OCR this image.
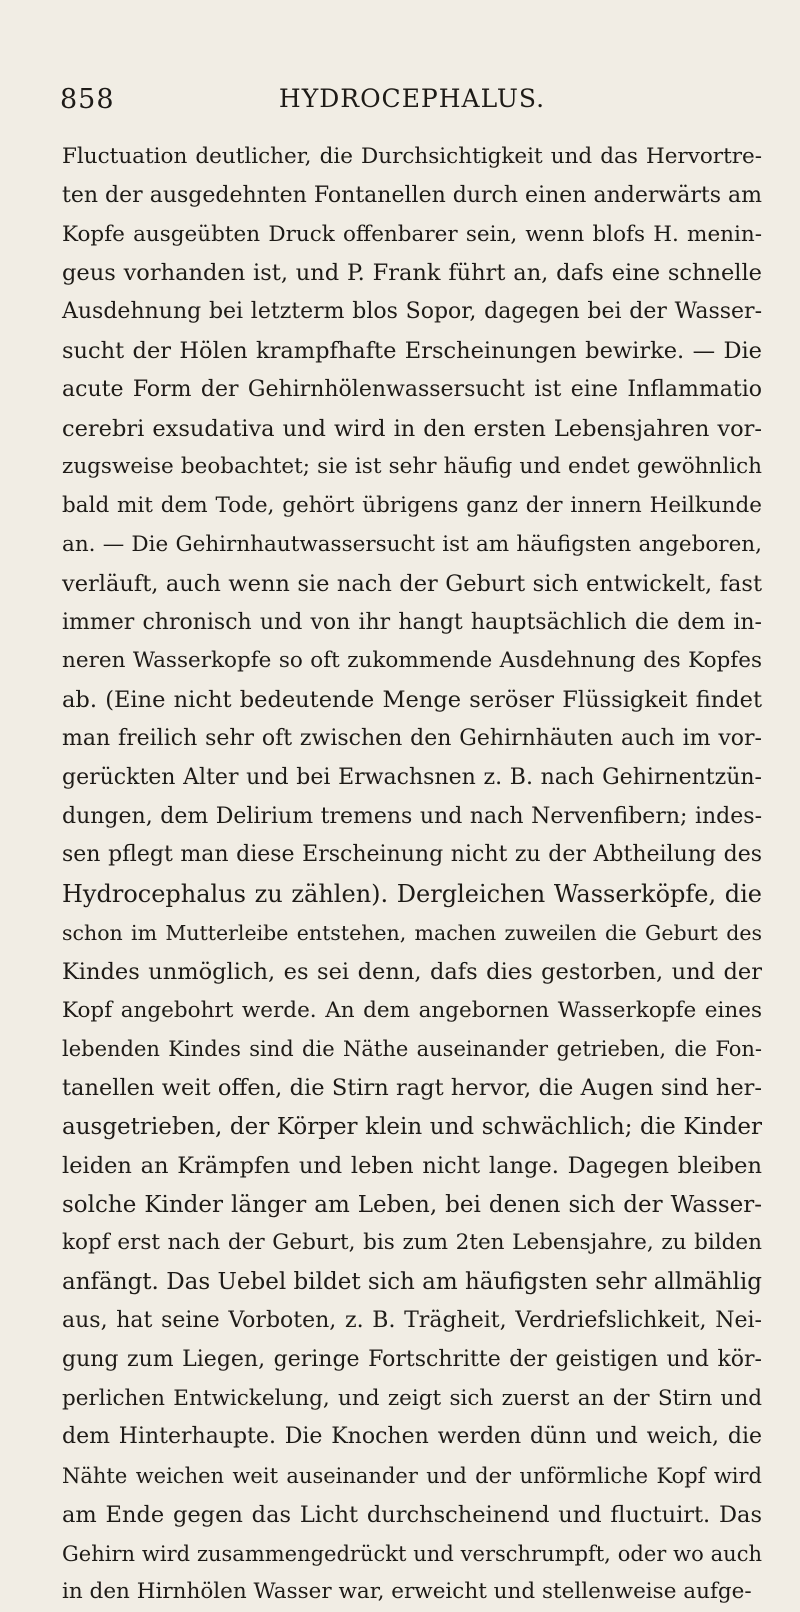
858	HYDROCEPHALUS.
Fluctuation deutlicher, die Durchsichtigkeit und das Hervortre-
ten der ausgedehnten Fontanellen durch einen anderwärts am
Kopfe ausgeübten Druck offenbarer sein, wenn blofs H. menin-
geus vorhanden ist, und P. Frank führt an, dafs eine schnelle
Ausdehnung bei letzterm blos Sopor, dagegen bei der Wasser-
sucht der Hölen krampfhafte Erscheinungen bewirke. — Die
acute Form der Gehirnhölenwassersucht ist eine Inflammatio
cerebri exsudativa und wird in den ersten Lebensjahren vor-
zugsweise beobachtet; sie ist sehr häufig und endet gewöhnlich
bald mit dem Tode, gehört übrigens ganz der innern Heilkunde
an. — Die Gehirnhautwassersucht ist am häufigsten angeboren,
verläuft, auch wenn sie nach der Geburt sich entwickelt, fast
immer chronisch und von ihr hangt hauptsächlich die dem in-
neren Wasserkopfe so oft zukommende Ausdehnung des Kopfes
ab. (Eine nicht bedeutende Menge seröser Flüssigkeit findet
man freilich sehr oft zwischen den Gehirnhäuten auch im vor-
gerückten Alter und bei Erwachsnen z. B. nach Gehirnentzün-
dungen, dem Delirium tremens und nach Nervenfibern; indes-
sen pflegt man diese Erscheinung nicht zu der Abtheilung des
Hydrocephalus zu zählen). Dergleichen Wasserköpfe, die
schon im Mutterleibe entstehen, machen zuweilen die Geburt des
Kindes unmöglich, es sei denn, dafs dies gestorben, und der
Kopf angebohrt werde. An dem angebornen Wasserkopfe eines
lebenden Kindes sind die Näthe auseinander getrieben, die Fon-
tanellen weit offen, die Stirn ragt hervor, die Augen sind her-
ausgetrieben, der Körper klein und schwächlich; die Kinder
leiden an Krämpfen und leben nicht lange. Dagegen bleiben
solche Kinder länger am Leben, bei denen sich der Wasser-
kopf erst nach der Geburt, bis zum 2ten Lebensjahre, zu bilden
anfängt. Das Uebel bildet sich am häufigsten sehr allmählig
aus, hat seine Vorboten, z. B. Trägheit, Verdriefslichkeit, Nei-
gung zum Liegen, geringe Fortschritte der geistigen und kör-
perlichen Entwickelung, und zeigt sich zuerst an der Stirn und
dem Hinterhaupte. Die Knochen werden dünn und weich, die
Nähte weichen weit auseinander und der unförmliche Kopf wird
am Ende gegen das Licht durchscheinend und fluctuirt. Das
Gehirn wird zusammengedrückt und verschrumpft, oder wo auch
in den Hirnhölen Wasser war, erweicht und stellenweise aufge-
